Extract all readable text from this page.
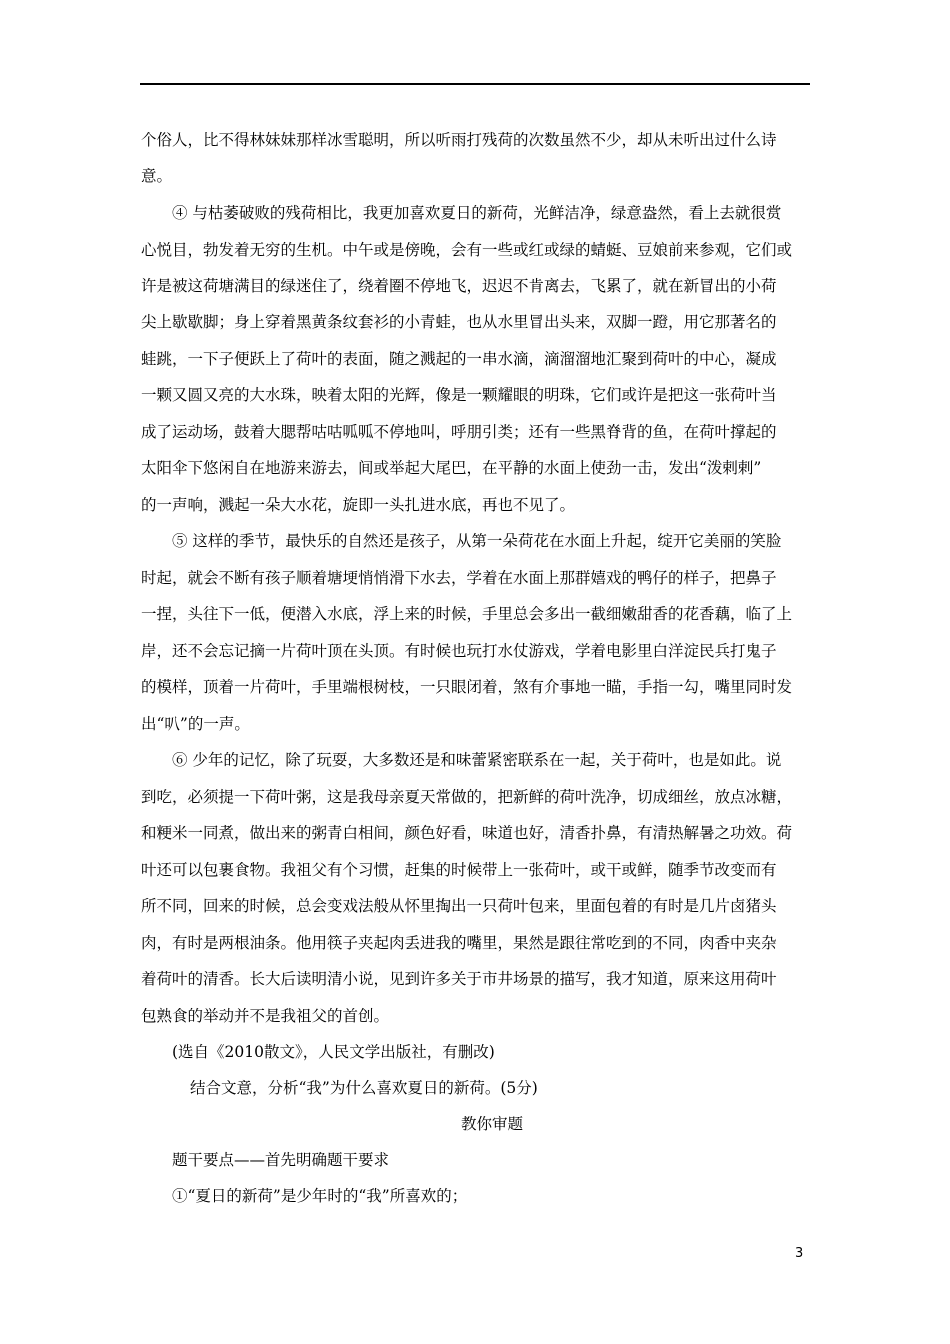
个俗人，比不得林妹妹那样冰雪聪明，所以听雨打残荷的次数虽然不少，却从未听出过什么诗
意。
④ 与枯萎破败的残荷相比，我更加喜欢夏日的新荷，光鲜洁净，绿意盎然，看上去就很赏
心悦目，勃发着无穷的生机。中午或是傍晚，会有一些或红或绿的蜻蜓、豆娘前来参观，它们或
许是被这荷塘满目的绿迷住了，绕着圈不停地飞，迟迟不肯离去，飞累了，就在新冒出的小荷
尖上歇歇脚；身上穿着黑黄条纹套衫的小青蛙，也从水里冒出头来，双脚一蹬，用它那著名的
蛙跳，一下子便跃上了荷叶的表面，随之溅起的一串水滴，滴溜溜地汇聚到荷叶的中心，凝成
一颗又圆又亮的大水珠，映着太阳的光辉，像是一颗耀眼的明珠，它们或许是把这一张荷叶当
成了运动场，鼓着大腮帮咕咕呱呱不停地叫，呼朋引类；还有一些黑脊背的鱼，在荷叶撑起的
太阳伞下悠闲自在地游来游去，间或举起大尾巴，在平静的水面上使劲一击，发出“泼剌剌”
的一声响，溅起一朵大水花，旋即一头扎进水底，再也不见了。
⑤ 这样的季节，最快乐的自然还是孩子，从第一朵荷花在水面上升起，绽开它美丽的笑脸
时起，就会不断有孩子顺着塘埂悄悄滑下水去，学着在水面上那群嬉戏的鸭仔的样子，把鼻子
一捏，头往下一低，便潜入水底，浮上来的时候，手里总会多出一截细嫩甜香的花香藕，临了上
岸，还不会忘记摘一片荷叶顶在头顶。有时候也玩打水仗游戏，学着电影里白洋淀民兵打鬼子
的模样，顶着一片荷叶，手里端根树枝，一只眼闭着，煞有介事地一瞄，手指一勾，嘴里同时发
出“叭”的一声。
⑥ 少年的记忆，除了玩耍，大多数还是和味蕾紧密联系在一起，关于荷叶，也是如此。说
到吃，必须提一下荷叶粥，这是我母亲夏天常做的，把新鲜的荷叶洗净，切成细丝，放点冰糖，
和粳米一同煮，做出来的粥青白相间，颜色好看，味道也好，清香扑鼻，有清热解暑之功效。荷
叶还可以包裹食物。我祖父有个习惯，赶集的时候带上一张荷叶，或干或鲜，随季节改变而有
所不同，回来的时候，总会变戏法般从怀里掏出一只荷叶包来，里面包着的有时是几片卤猪头
肉，有时是两根油条。他用筷子夹起肉丢进我的嘴里，果然是跟往常吃到的不同，肉香中夹杂
着荷叶的清香。长大后读明清小说，见到许多关于市井场景的描写，我才知道，原来这用荷叶
包熟食的举动并不是我祖父的首创。
(选自《2010散文》，人民文学出版社，有删改)
结合文意，分析“我”为什么喜欢夏日的新荷。(5分)
教你审题
题干要点——首先明确题干要求
①“夏日的新荷”是少年时的“我”所喜欢的；
3
